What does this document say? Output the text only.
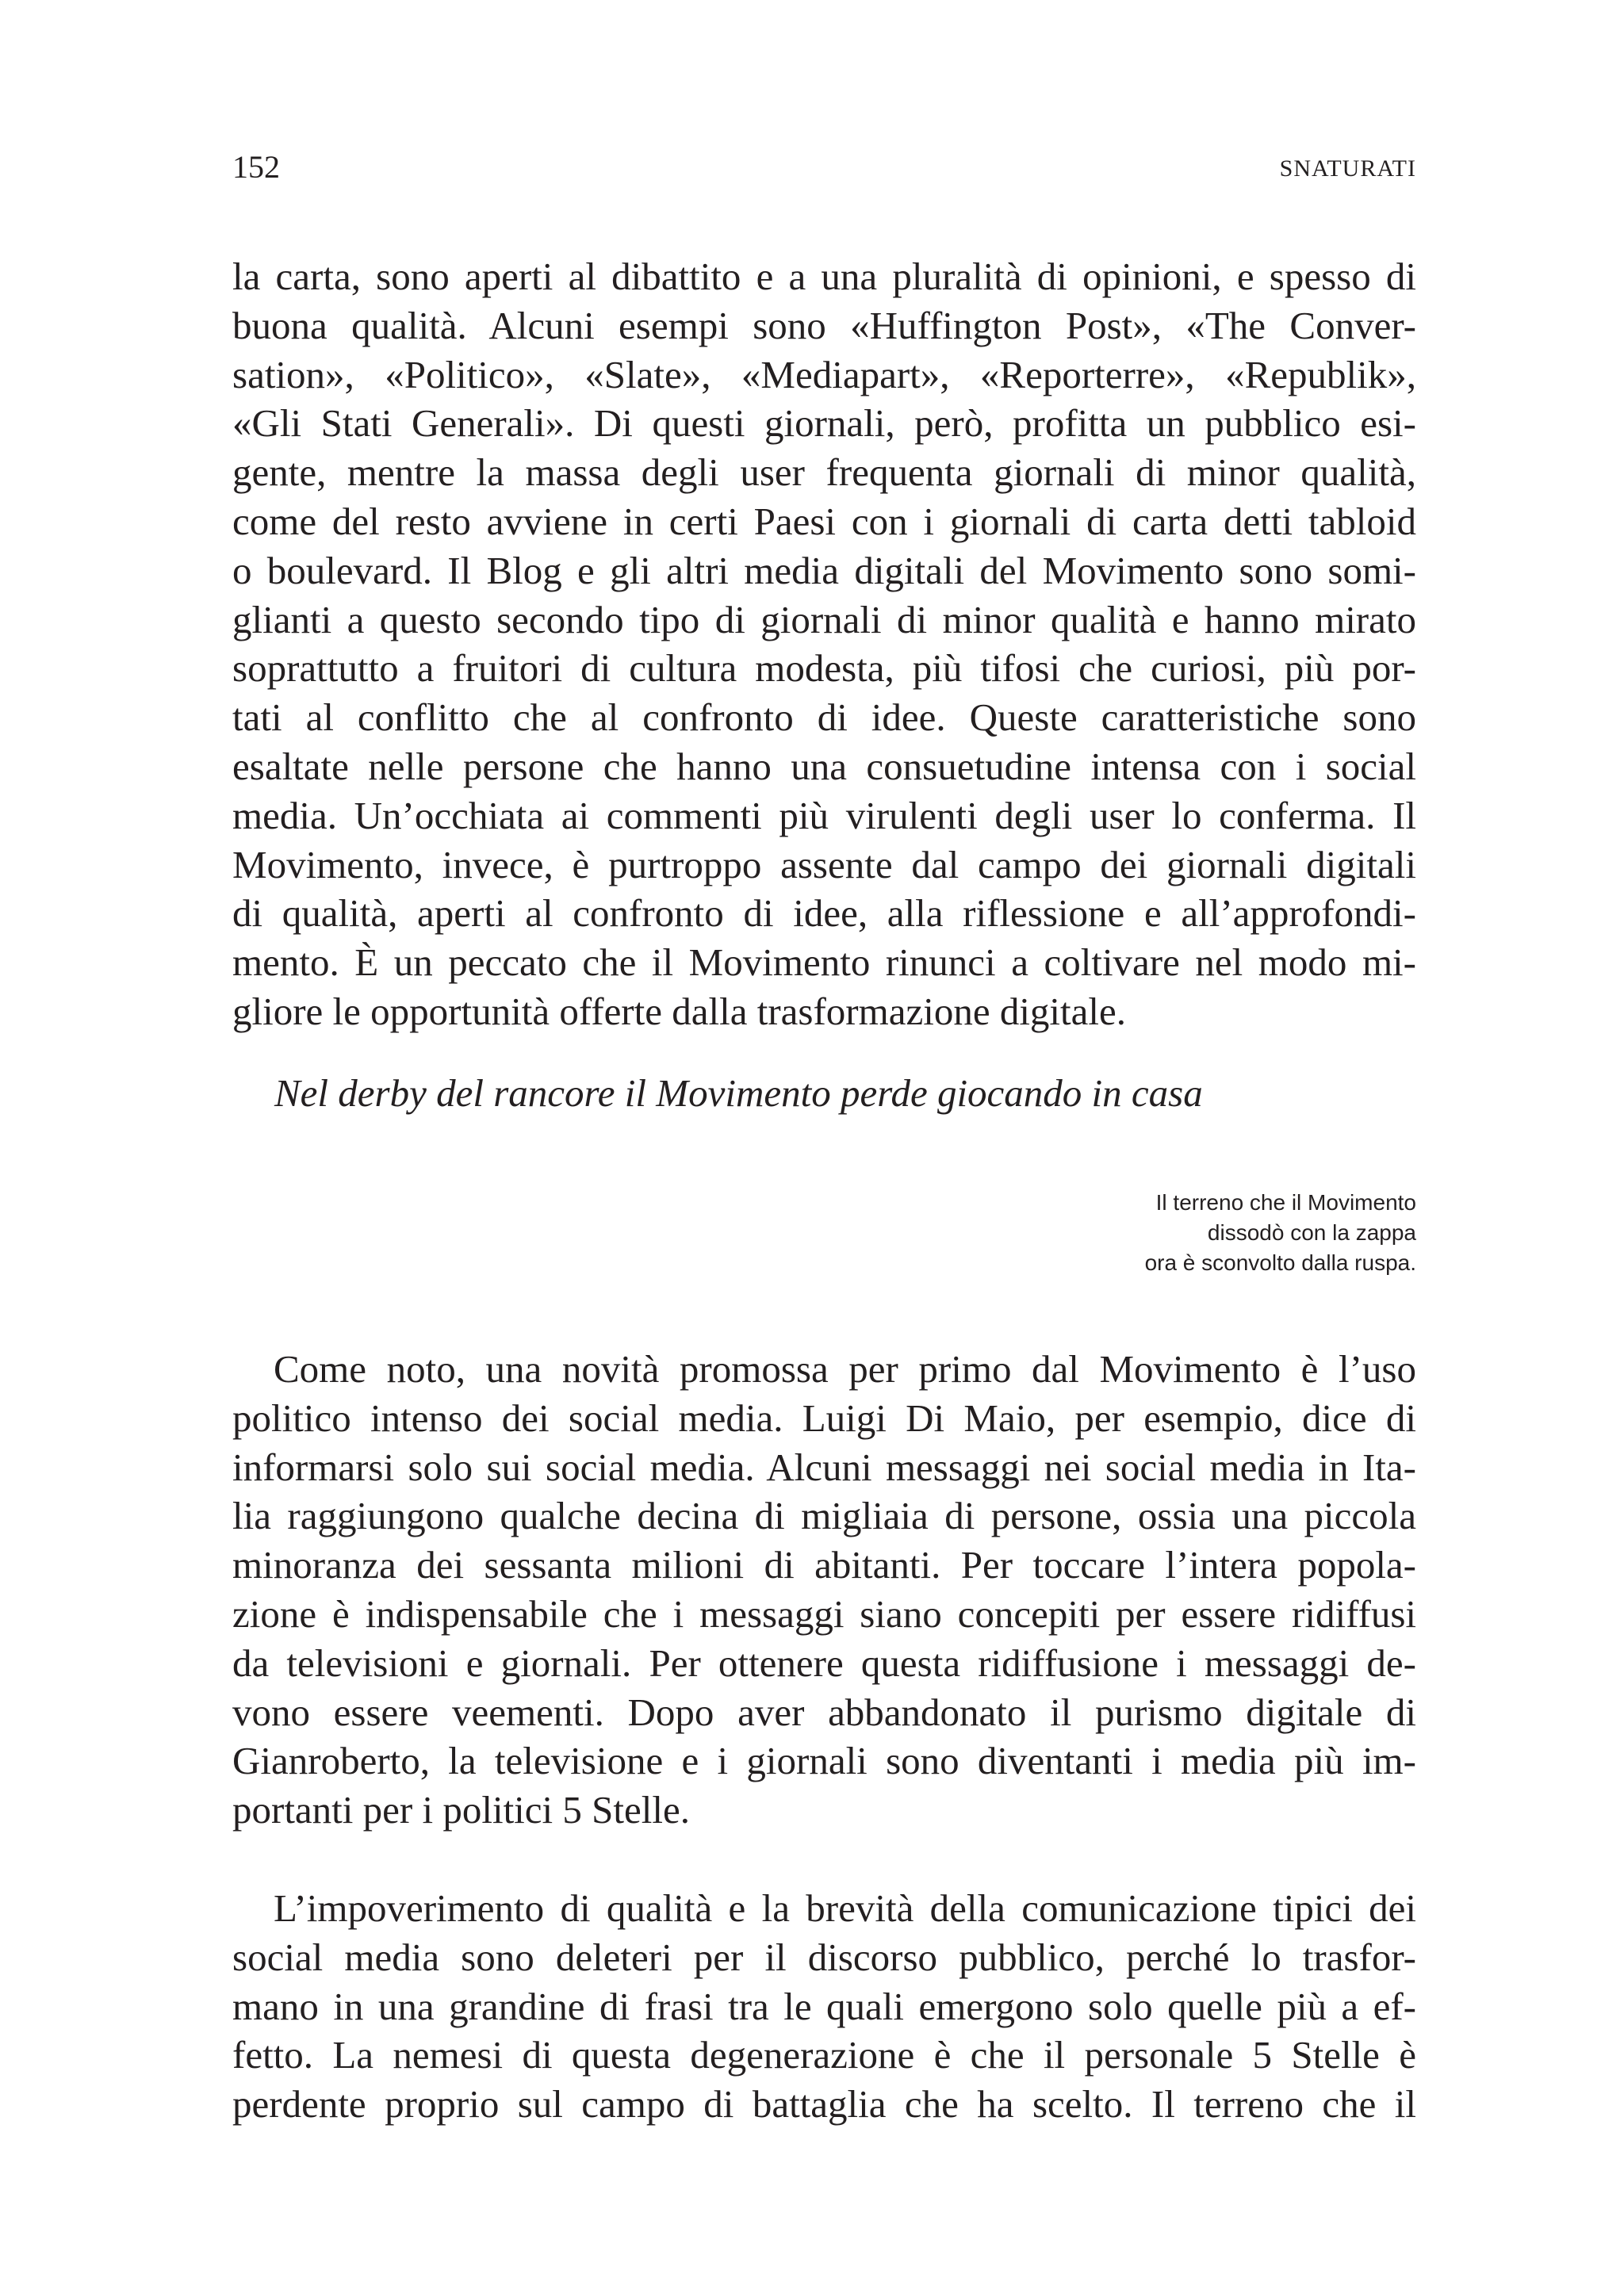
152	SNATURATI
la carta, sono aperti al dibattito e a una pluralità di opinioni, e spesso di
buona qualità. Alcuni esempi sono «Huffington Post», «The Conver-
sation», «Politico», «Slate», «Mediapart», «Reporterre», «Republik»,
«Gli Stati Generali». Di questi giornali, però, profitta un pubblico esi-
gente, mentre la massa degli user frequenta giornali di minor qualità,
come del resto avviene in certi Paesi con i giornali di carta detti tabloid
o boulevard. Il Blog e gli altri media digitali del Movimento sono somi-
glianti a questo secondo tipo di giornali di minor qualità e hanno mirato
soprattutto a fruitori di cultura modesta, più tifosi che curiosi, più por-
tati al conflitto che al confronto di idee. Queste caratteristiche sono
esaltate nelle persone che hanno una consuetudine intensa con i social
media. Un’occhiata ai commenti più virulenti degli user lo conferma. Il
Movimento, invece, è purtroppo assente dal campo dei giornali digitali
di qualità, aperti al confronto di idee, alla riflessione e all’approfondi-
mento. È un peccato che il Movimento rinunci a coltivare nel modo mi-
gliore le opportunità offerte dalla trasformazione digitale.
Nel derby del rancore il Movimento perde giocando in casa
Il terreno che il Movimento
dissodò con la zappa
ora è sconvolto dalla ruspa.
Come noto, una novità promossa per primo dal Movimento è l’uso
politico intenso dei social media. Luigi Di Maio, per esempio, dice di
informarsi solo sui social media. Alcuni messaggi nei social media in Ita-
lia raggiungono qualche decina di migliaia di persone, ossia una piccola
minoranza dei sessanta milioni di abitanti. Per toccare l’intera popola-
zione è indispensabile che i messaggi siano concepiti per essere ridiffusi
da televisioni e giornali. Per ottenere questa ridiffusione i messaggi de-
vono essere veementi. Dopo aver abbandonato il purismo digitale di
Gianroberto, la televisione e i giornali sono diventanti i media più im-
portanti per i politici 5 Stelle.
L’impoverimento di qualità e la brevità della comunicazione tipici dei
social media sono deleteri per il discorso pubblico, perché lo trasfor-
mano in una grandine di frasi tra le quali emergono solo quelle più a ef-
fetto. La nemesi di questa degenerazione è che il personale 5 Stelle è
perdente proprio sul campo di battaglia che ha scelto. Il terreno che il
